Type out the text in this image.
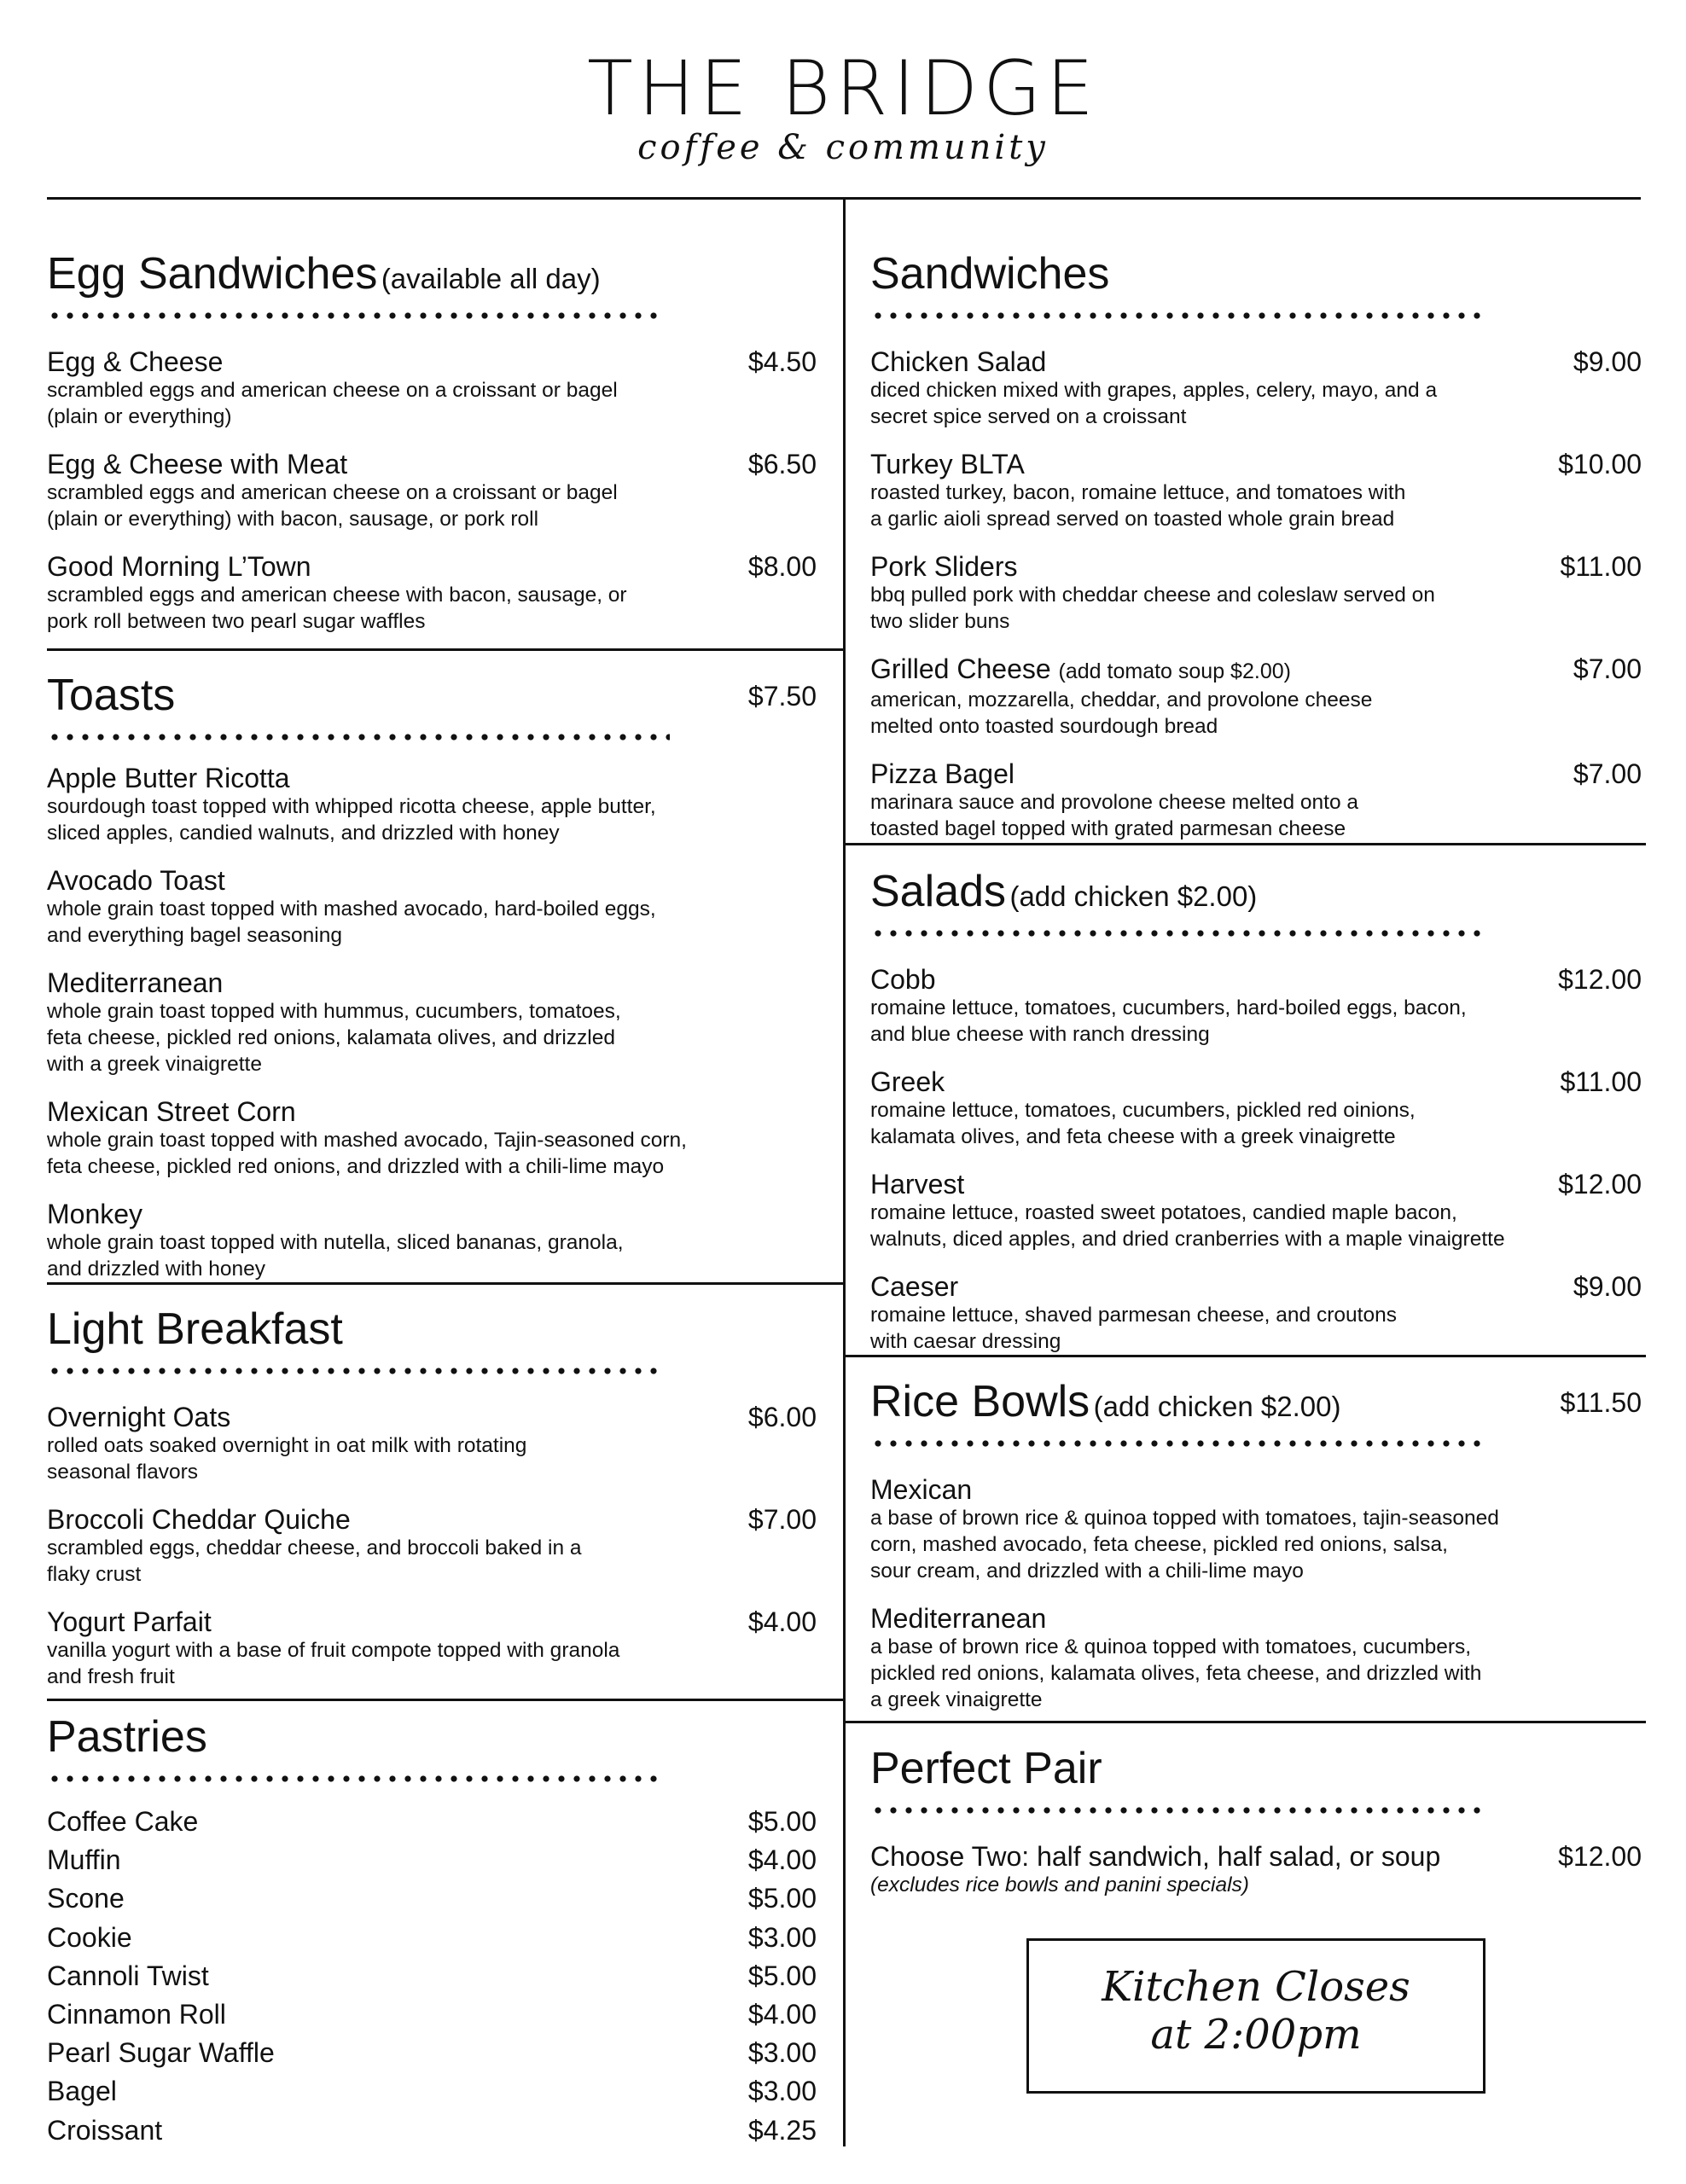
THE BRIDGE
coffee & community
Egg Sandwiches (available all day)
Egg & Cheese	$4.50
scrambled eggs and american cheese on a croissant or bagel
(plain or everything)
Egg & Cheese with Meat	$6.50
scrambled eggs and american cheese on a croissant or bagel
(plain or everything) with bacon, sausage, or pork roll
Good Morning L’Town	$8.00
scrambled eggs and american cheese with bacon, sausage, or
pork roll between two pearl sugar waffles
Toasts	$7.50
Apple Butter Ricotta
sourdough toast topped with whipped ricotta cheese, apple butter,
sliced apples, candied walnuts, and drizzled with honey
Avocado Toast
whole grain toast topped with mashed avocado, hard-boiled eggs,
and everything bagel seasoning
Mediterranean
whole grain toast topped with hummus, cucumbers, tomatoes,
feta cheese, pickled red onions, kalamata olives, and drizzled
with a greek vinaigrette
Mexican Street Corn
whole grain toast topped with mashed avocado, Tajin-seasoned corn,
feta cheese, pickled red onions, and drizzled with a chili-lime mayo
Monkey
whole grain toast topped with nutella, sliced bananas, granola,
and drizzled with honey
Light Breakfast
Overnight Oats	$6.00
rolled oats soaked overnight in oat milk with rotating
seasonal flavors
Broccoli Cheddar Quiche	$7.00
scrambled eggs, cheddar cheese, and broccoli baked in a
flaky crust
Yogurt Parfait	$4.00
vanilla yogurt with a base of fruit compote topped with granola
and fresh fruit
Pastries
Coffee Cake	$5.00
Muffin	$4.00
Scone	$5.00
Cookie	$3.00
Cannoli Twist	$5.00
Cinnamon Roll	$4.00
Pearl Sugar Waffle	$3.00
Bagel	$3.00
Croissant	$4.25
Sandwiches
Chicken Salad	$9.00
diced chicken mixed with grapes, apples, celery, mayo, and a
secret spice served on a croissant
Turkey BLTA	$10.00
roasted turkey, bacon, romaine lettuce, and tomatoes with
a garlic aioli spread served on toasted whole grain bread
Pork Sliders	$11.00
bbq pulled pork with cheddar cheese and coleslaw served on
two slider buns
Grilled Cheese (add tomato soup $2.00)	$7.00
american, mozzarella, cheddar, and provolone cheese
melted onto toasted sourdough bread
Pizza Bagel	$7.00
marinara sauce and provolone cheese melted onto a
toasted bagel topped with grated parmesan cheese
Salads (add chicken $2.00)
Cobb	$12.00
romaine lettuce, tomatoes, cucumbers, hard-boiled eggs, bacon,
and blue cheese with ranch dressing
Greek	$11.00
romaine lettuce, tomatoes, cucumbers, pickled red oinions,
kalamata olives, and feta cheese with a greek vinaigrette
Harvest	$12.00
romaine lettuce, roasted sweet potatoes, candied maple bacon,
walnuts, diced apples, and dried cranberries with a maple vinaigrette
Caeser	$9.00
romaine lettuce, shaved parmesan cheese, and croutons
with caesar dressing
Rice Bowls (add chicken $2.00)	$11.50
Mexican
a base of brown rice & quinoa topped with tomatoes, tajin-seasoned
corn, mashed avocado, feta cheese, pickled red onions, salsa,
sour cream, and drizzled with a chili-lime mayo
Mediterranean
a base of brown rice & quinoa topped with tomatoes, cucumbers,
pickled red onions, kalamata olives, feta cheese, and drizzled with
a greek vinaigrette
Perfect Pair
Choose Two: half sandwich, half salad, or soup	$12.00
(excludes rice bowls and panini specials)
Kitchen Closes
at 2:00pm
